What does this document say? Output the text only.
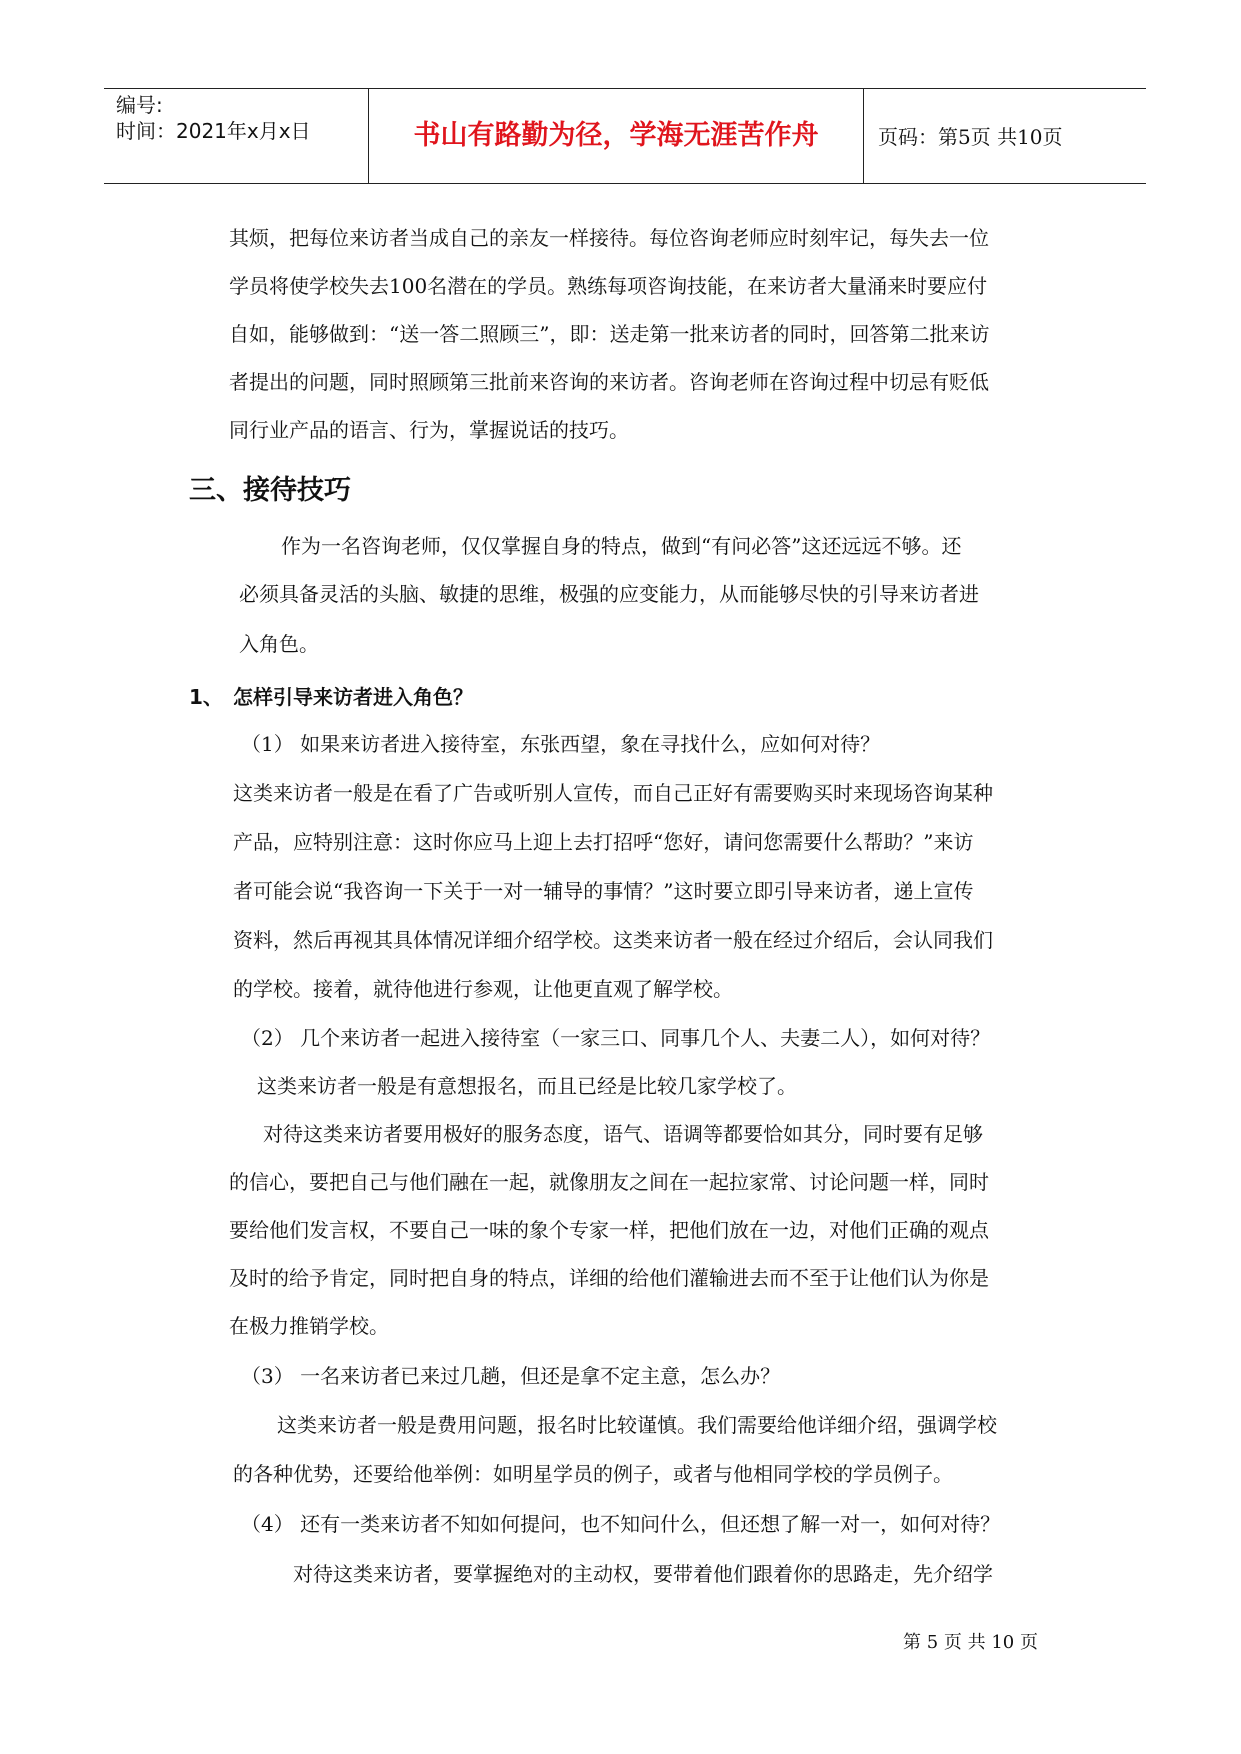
编号:
时间：2021年x月x日	书山有路勤为径，学海无涯苦作舟	页码：第5页 共10页
其烦，把每位来访者当成自己的亲友一样接待。每位咨询老师应时刻牢记，每失去一位
学员将使学校失去100名潜在的学员。熟练每项咨询技能，在来访者大量涌来时要应付
自如，能够做到：“送一答二照顾三”，即：送走第一批来访者的同时，回答第二批来访
者提出的问题，同时照顾第三批前来咨询的来访者。咨询老师在咨询过程中切忌有贬低
同行业产品的语言、行为，掌握说话的技巧。
三、接待技巧
作为一名咨询老师，仅仅掌握自身的特点，做到“有问必答”这还远远不够。还
必须具备灵活的头脑、敏捷的思维，极强的应变能力，从而能够尽快的引导来访者进
入角色。
1、 怎样引导来访者进入角色？
（1） 如果来访者进入接待室，东张西望，象在寻找什么，应如何对待？
这类来访者一般是在看了广告或听别人宣传，而自己正好有需要购买时来现场咨询某种
产品，应特别注意：这时你应马上迎上去打招呼“您好，请问您需要什么帮助？”来访
者可能会说“我咨询一下关于一对一辅导的事情？”这时要立即引导来访者，递上宣传
资料，然后再视其具体情况详细介绍学校。这类来访者一般在经过介绍后，会认同我们
的学校。接着，就待他进行参观，让他更直观了解学校。
（2） 几个来访者一起进入接待室（一家三口、同事几个人、夫妻二人），如何对待？
这类来访者一般是有意想报名，而且已经是比较几家学校了。
对待这类来访者要用极好的服务态度，语气、语调等都要恰如其分，同时要有足够
的信心，要把自己与他们融在一起，就像朋友之间在一起拉家常、讨论问题一样，同时
要给他们发言权，不要自己一味的象个专家一样，把他们放在一边，对他们正确的观点
及时的给予肯定，同时把自身的特点，详细的给他们灌输进去而不至于让他们认为你是
在极力推销学校。
（3） 一名来访者已来过几趟，但还是拿不定主意，怎么办？
这类来访者一般是费用问题，报名时比较谨慎。我们需要给他详细介绍，强调学校
的各种优势，还要给他举例：如明星学员的例子，或者与他相同学校的学员例子。
（4） 还有一类来访者不知如何提问，也不知问什么，但还想了解一对一，如何对待？
对待这类来访者，要掌握绝对的主动权，要带着他们跟着你的思路走，先介绍学
第 5 页 共 10 页
